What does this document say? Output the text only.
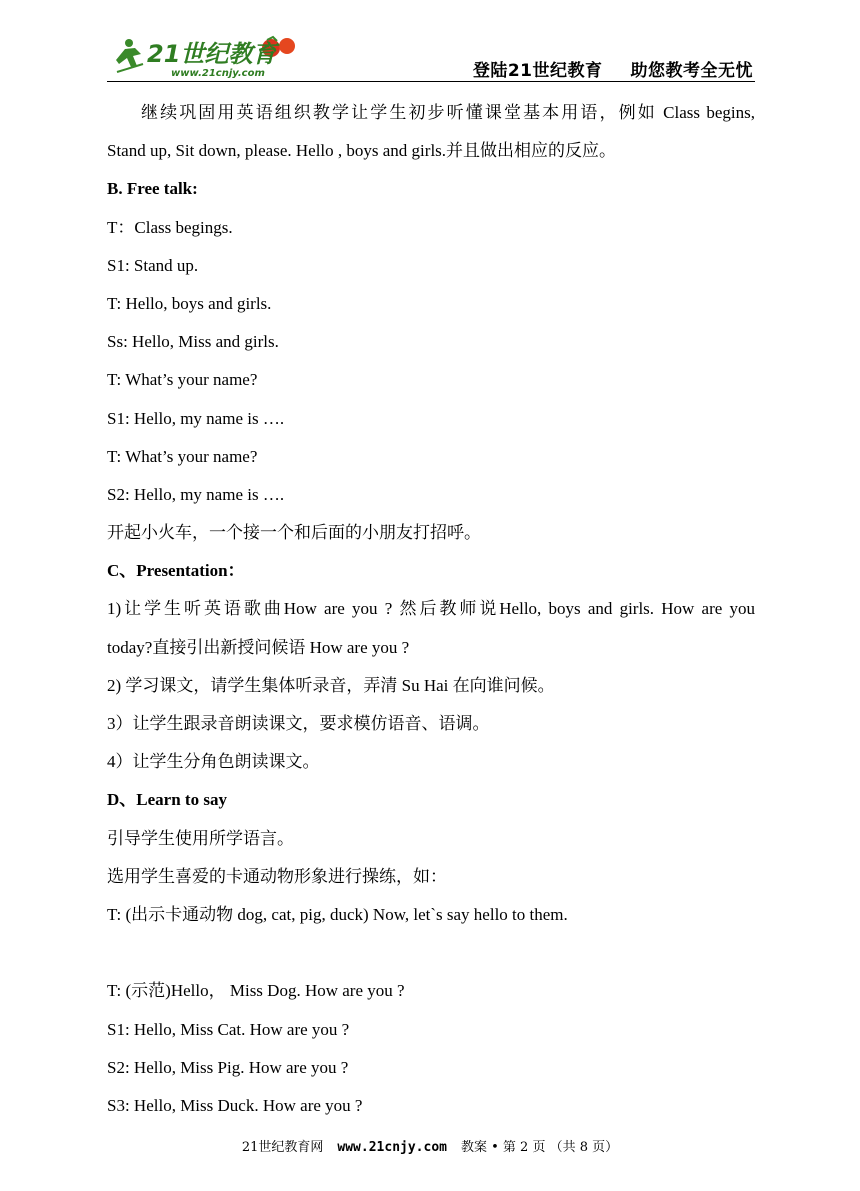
21世纪教育
www.21cnjy.com	登陆21世纪教育 助您教考全无忧
继续巩固用英语组织教学让学生初步听懂课堂基本用语，例如 Class begins,
Stand up, Sit down, please. Hello , boys and girls.并且做出相应的反应。
B. Free talk:
T：Class begings.
S1: Stand up.
T: Hello, boys and girls.
Ss: Hello, Miss and girls.
T: What’s your name?
S1: Hello, my name is ….
T: What’s your name?
S2: Hello, my name is ….
开起小火车，一个接一个和后面的小朋友打招呼。
C、Presentation：
1)让学生听英语歌曲How are you ? 然后教师说Hello, boys and girls. How are you
today?直接引出新授问候语 How are you ?
2) 学习课文，请学生集体听录音，弄清 Su Hai 在向谁问候。
3）让学生跟录音朗读课文，要求模仿语音、语调。
4）让学生分角色朗读课文。
D、Learn to say
引导学生使用所学语言。
选用学生喜爱的卡通动物形象进行操练，如：
T: (出示卡通动物 dog, cat, pig, duck) Now, let`s say hello to them.
T: (示范)Hello， Miss Dog. How are you ?
S1: Hello, Miss Cat. How are you ?
S2: Hello, Miss Pig. How are you ?
S3: Hello, Miss Duck. How are you ?
21世纪教育网 www.21cnjy.com 教案 • 第 2 页 （共 8 页）
